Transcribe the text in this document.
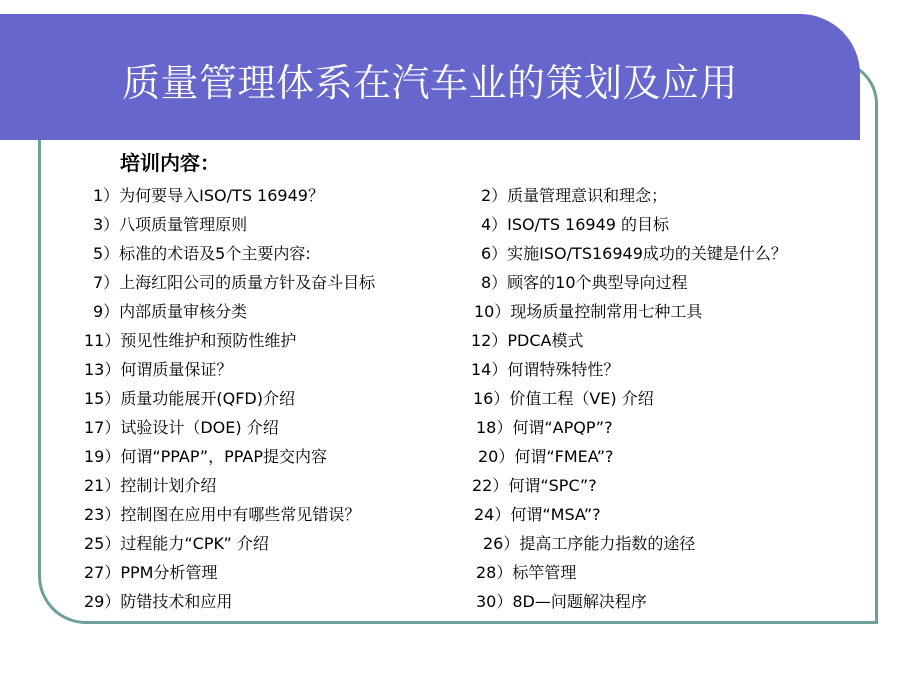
质量管理体系在汽车业的策划及应用
培训内容：
1）为何要导入ISO/TS 16949？	2）质量管理意识和理念；
3）八项质量管理原则	4）ISO/TS 16949 的目标
5）标准的术语及5个主要内容:	6）实施ISO/TS16949成功的关键是什么？
7）上海红阳公司的质量方针及奋斗目标	8）顾客的10个典型导向过程
9）内部质量审核分类	10）现场质量控制常用七种工具
11）预见性维护和预防性维护	12）PDCA模式
13）何谓质量保证？	14）何谓特殊特性？
15）质量功能展开(QFD)介绍	16）价值工程（VE) 介绍
17）试验设计（DOE) 介绍	18）何谓“APQP”?
19）何谓“PPAP”，PPAP提交内容	20）何谓“FMEA”?
21）控制计划介绍	22）何谓“SPC”?
23）控制图在应用中有哪些常见错误？	24）何谓“MSA”?
25）过程能力“CPK” 介绍	26）提高工序能力指数的途径
27）PPM分析管理	28）标竿管理
29）防错技术和应用	30）8D—问题解决程序
